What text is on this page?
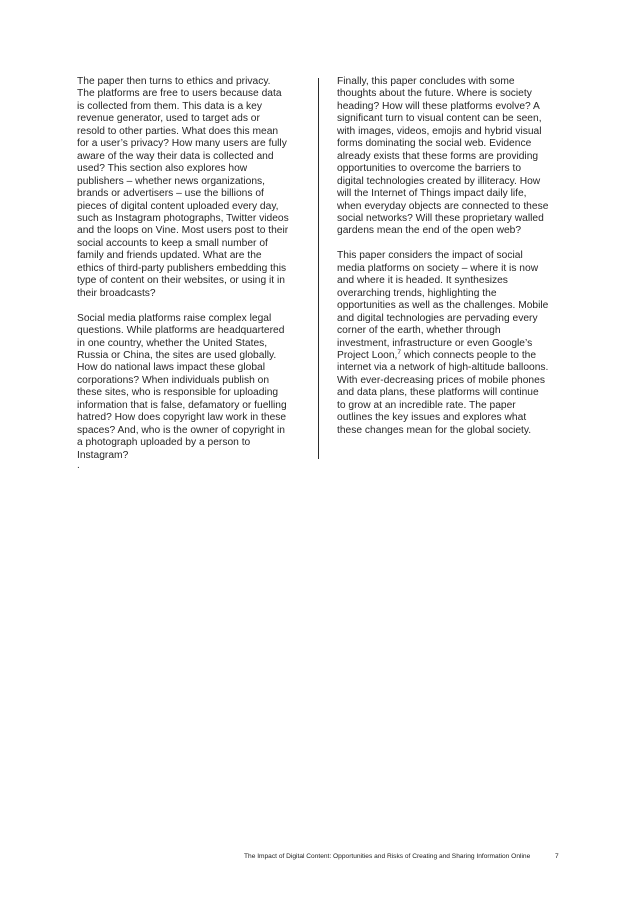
The paper then turns to ethics and privacy.
The platforms are free to users because data
is collected from them. This data is a key
revenue generator, used to target ads or
resold to other parties. What does this mean
for a user’s privacy? How many users are fully
aware of the way their data is collected and
used? This section also explores how
publishers – whether news organizations,
brands or advertisers – use the billions of
pieces of digital content uploaded every day,
such as Instagram photographs, Twitter videos
and the loops on Vine. Most users post to their
social accounts to keep a small number of
family and friends updated. What are the
ethics of third-party publishers embedding this
type of content on their websites, or using it in
their broadcasts?

Social media platforms raise complex legal
questions. While platforms are headquartered
in one country, whether the United States,
Russia or China, the sites are used globally.
How do national laws impact these global
corporations? When individuals publish on
these sites, who is responsible for uploading
information that is false, defamatory or fuelling
hatred? How does copyright law work in these
spaces? And, who is the owner of copyright in
a photograph uploaded by a person to
Instagram?

.

Finally, this paper concludes with some
thoughts about the future. Where is society
heading? How will these platforms evolve? A
significant turn to visual content can be seen,
with images, videos, emojis and hybrid visual
forms dominating the social web. Evidence
already exists that these forms are providing
opportunities to overcome the barriers to
digital technologies created by illiteracy. How
will the Internet of Things impact daily life,
when everyday objects are connected to these
social networks? Will these proprietary walled
gardens mean the end of the open web?

This paper considers the impact of social
media platforms on society – where it is now
and where it is headed. It synthesizes
overarching trends, highlighting the
opportunities as well as the challenges. Mobile
and digital technologies are pervading every
corner of the earth, whether through
investment, infrastructure or even Google’s
Project Loon,$^7$ which connects people to the
internet via a network of high-altitude balloons.
With ever-decreasing prices of mobile phones
and data plans, these platforms will continue
to grow at an incredible rate. The paper
outlines the key issues and explores what
these changes mean for the global society.

The Impact of Digital Content: Opportunities and Risks of Creating and Sharing Information Online	7
